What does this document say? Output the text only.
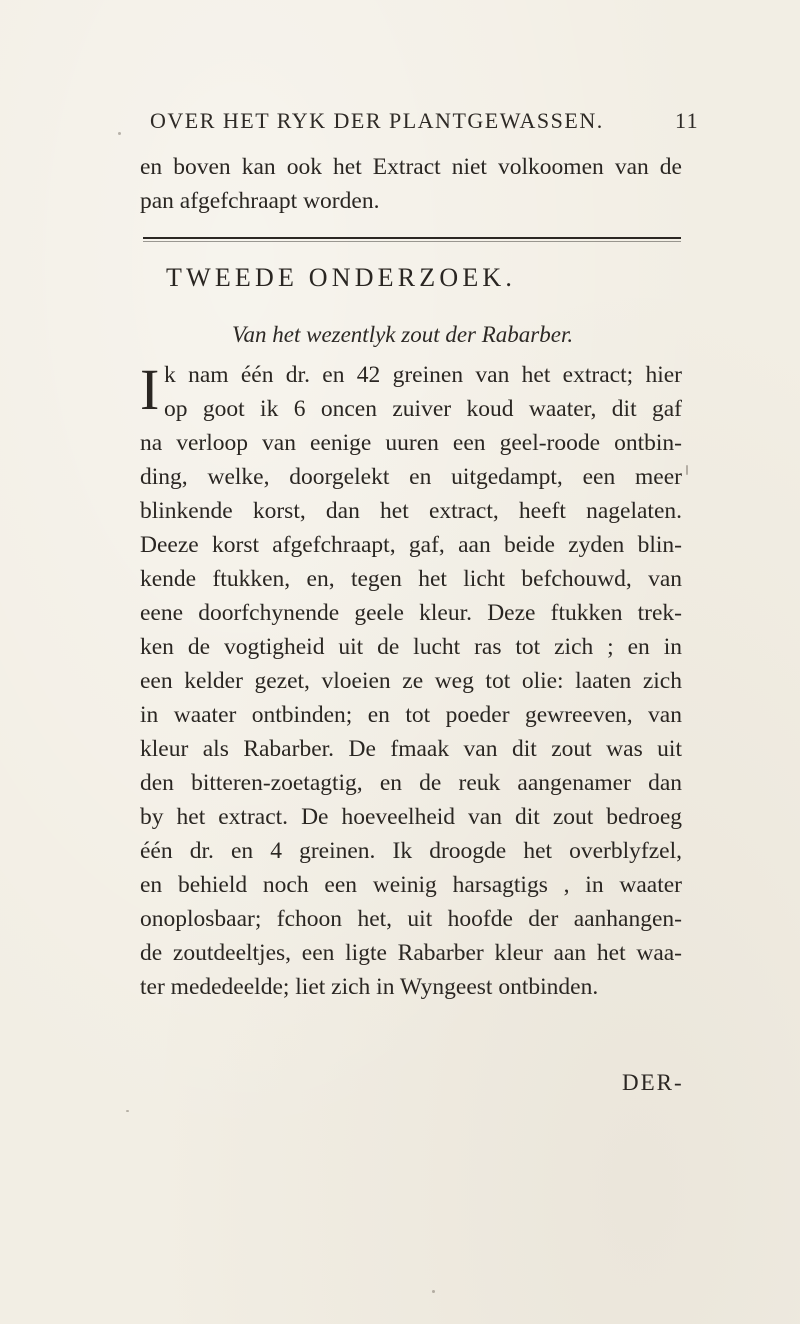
OVER HET RYK DER PLANTGEWASSEN.	11
en boven kan ook het Extract niet volkoomen van de
pan afgefchraapt worden.
TWEEDE ONDERZOEK.
Van het wezentlyk zout der Rabarber.
I k nam één dr. en 42 greinen van het extract; hier
op goot ik 6 oncen zuiver koud waater, dit gaf
na verloop van eenige uuren een geel-roode ontbin-
ding, welke, doorgelekt en uitgedampt, een meer
blinkende korst, dan het extract, heeft nagelaten.
Deeze korst afgefchraapt, gaf, aan beide zyden blin-
kende ftukken, en, tegen het licht befchouwd, van
eene doorfchynende geele kleur. Deze ftukken trek-
ken de vogtigheid uit de lucht ras tot zich ; en in
een kelder gezet, vloeien ze weg tot olie: laaten zich
in waater ontbinden; en tot poeder gewreeven, van
kleur als Rabarber. De fmaak van dit zout was uit
den bitteren-zoetagtig, en de reuk aangenamer dan
by het extract. De hoeveelheid van dit zout bedroeg
één dr. en 4 greinen. Ik droogde het overblyfzel,
en behield noch een weinig harsagtigs , in waater
onoplosbaar; fchoon het, uit hoofde der aanhangen-
de zoutdeeltjes, een ligte Rabarber kleur aan het waa-
ter mededeelde; liet zich in Wyngeest ontbinden.
DER-
